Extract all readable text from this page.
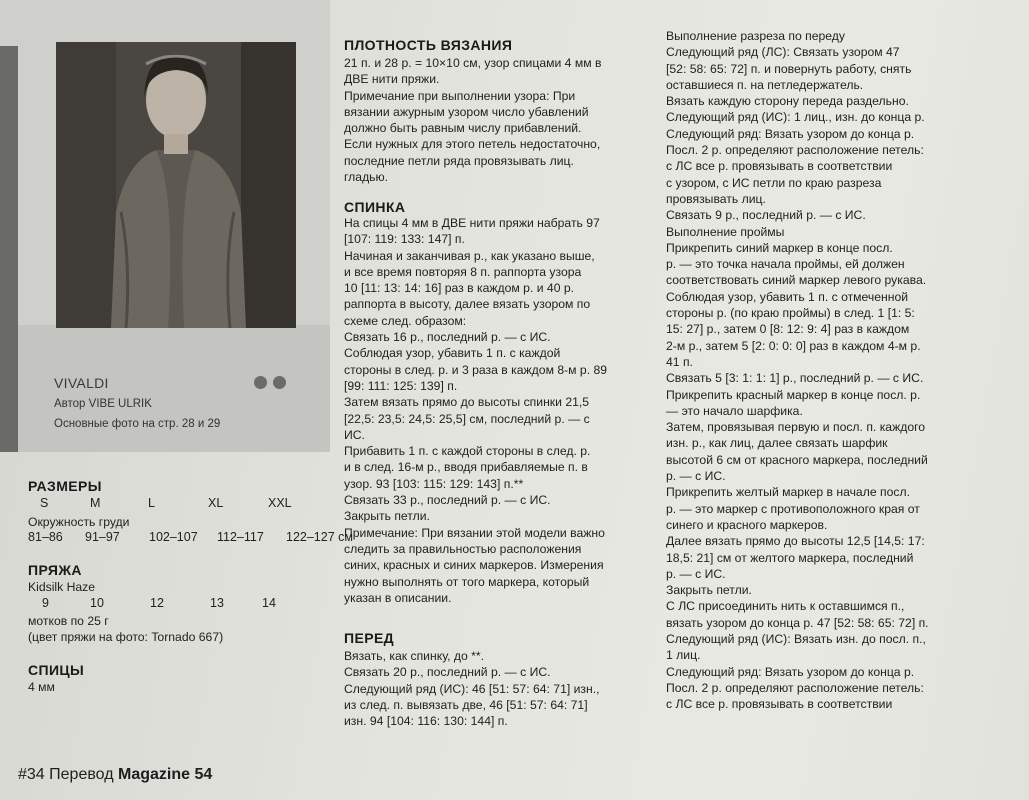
VIVALDI
Автор VIBE ULRIK
Основные фото на стр. 28 и 29
РАЗМЕРЫ
S	M	L	XL	XXL
Окружность груди
81–86	91–97	102–107	112–117	122–127 см
ПРЯЖА
Kidsilk Haze
9	10	12	13	14
мотков по 25 г
(цвет пряжи на фото: Tornado 667)
СПИЦЫ
4 мм
ПЛОТНОСТЬ ВЯЗАНИЯ
21 п. и 28 р. = 10×10 см, узор спицами 4 мм в
ДВЕ нити пряжи.
Примечание при выполнении узора: При
вязании ажурным узором число убавлений
должно быть равным числу прибавлений.
Если нужных для этого петель недостаточно,
последние петли ряда провязывать лиц.
гладью.
СПИНКА
На спицы 4 мм в ДВЕ нити пряжи набрать 97
[107: 119: 133: 147] п.
Начиная и заканчивая р., как указано выше,
и все время повторяя 8 п. раппорта узора
10 [11: 13: 14: 16] раз в каждом р. и 40 р.
раппорта в высоту, далее вязать узором по
схеме след. образом:
Связать 16 р., последний р. — с ИС.
Соблюдая узор, убавить 1 п. с каждой
стороны в след. р. и 3 раза в каждом 8-м р. 89
[99: 111: 125: 139] п.
Затем вязать прямо до высоты спинки 21,5
[22,5: 23,5: 24,5: 25,5] см, последний р. — с
ИС.
Прибавить 1 п. с каждой стороны в след. р.
и в след. 16-м р., вводя прибавляемые п. в
узор. 93 [103: 115: 129: 143] п.**
Связать 33 р., последний р. — с ИС.
Закрыть петли.
Примечание: При вязании этой модели важно
следить за правильностью расположения
синих, красных и синих маркеров. Измерения
нужно выполнять от того маркера, который
указан в описании.
ПЕРЕД
Вязать, как спинку, до **.
Связать 20 р., последний р. — с ИС.
Следующий ряд (ИС): 46 [51: 57: 64: 71] изн.,
из след. п. вывязать две, 46 [51: 57: 64: 71]
изн. 94 [104: 116: 130: 144] п.
Выполнение разреза по переду
Следующий ряд (ЛС): Связать узором 47
[52: 58: 65: 72] п. и повернуть работу, снять
оставшиеся п. на петледержатель.
Вязать каждую сторону переда раздельно.
Следующий ряд (ИС): 1 лиц., изн. до конца р.
Следующий ряд: Вязать узором до конца р.
Посл. 2 р. определяют расположение петель:
с ЛС все р. провязывать в соответствии
с узором, с ИС петли по краю разреза
провязывать лиц.
Связать 9 р., последний р. — с ИС.
Выполнение проймы
Прикрепить синий маркер в конце посл.
р. — это точка начала проймы, ей должен
соответствовать синий маркер левого рукава.
Соблюдая узор, убавить 1 п. с отмеченной
стороны р. (по краю проймы) в след. 1 [1: 5:
15: 27] р., затем 0 [8: 12: 9: 4] раз в каждом
2-м р., затем 5 [2: 0: 0: 0] раз в каждом 4-м р.
41 п.
Связать 5 [3: 1: 1: 1] р., последний р. — с ИС.
Прикрепить красный маркер в конце посл. р.
— это начало шарфика.
Затем, провязывая первую и посл. п. каждого
изн. р., как лиц, далее связать шарфик
высотой 6 см от красного маркера, последний
р. — с ИС.
Прикрепить желтый маркер в начале посл.
р. — это маркер с противоположного края от
синего и красного маркеров.
Далее вязать прямо до высоты 12,5 [14,5: 17:
18,5: 21] см от желтого маркера, последний
р. — с ИС.
Закрыть петли.
С ЛС присоединить нить к оставшимся п.,
вязать узором до конца р. 47 [52: 58: 65: 72] п.
Следующий ряд (ИС): Вязать изн. до посл. п.,
1 лиц.
Следующий ряд: Вязать узором до конца р.
Посл. 2 р. определяют расположение петель:
с ЛС все р. провязывать в соответствии
#34 Перевод Magazine 54
